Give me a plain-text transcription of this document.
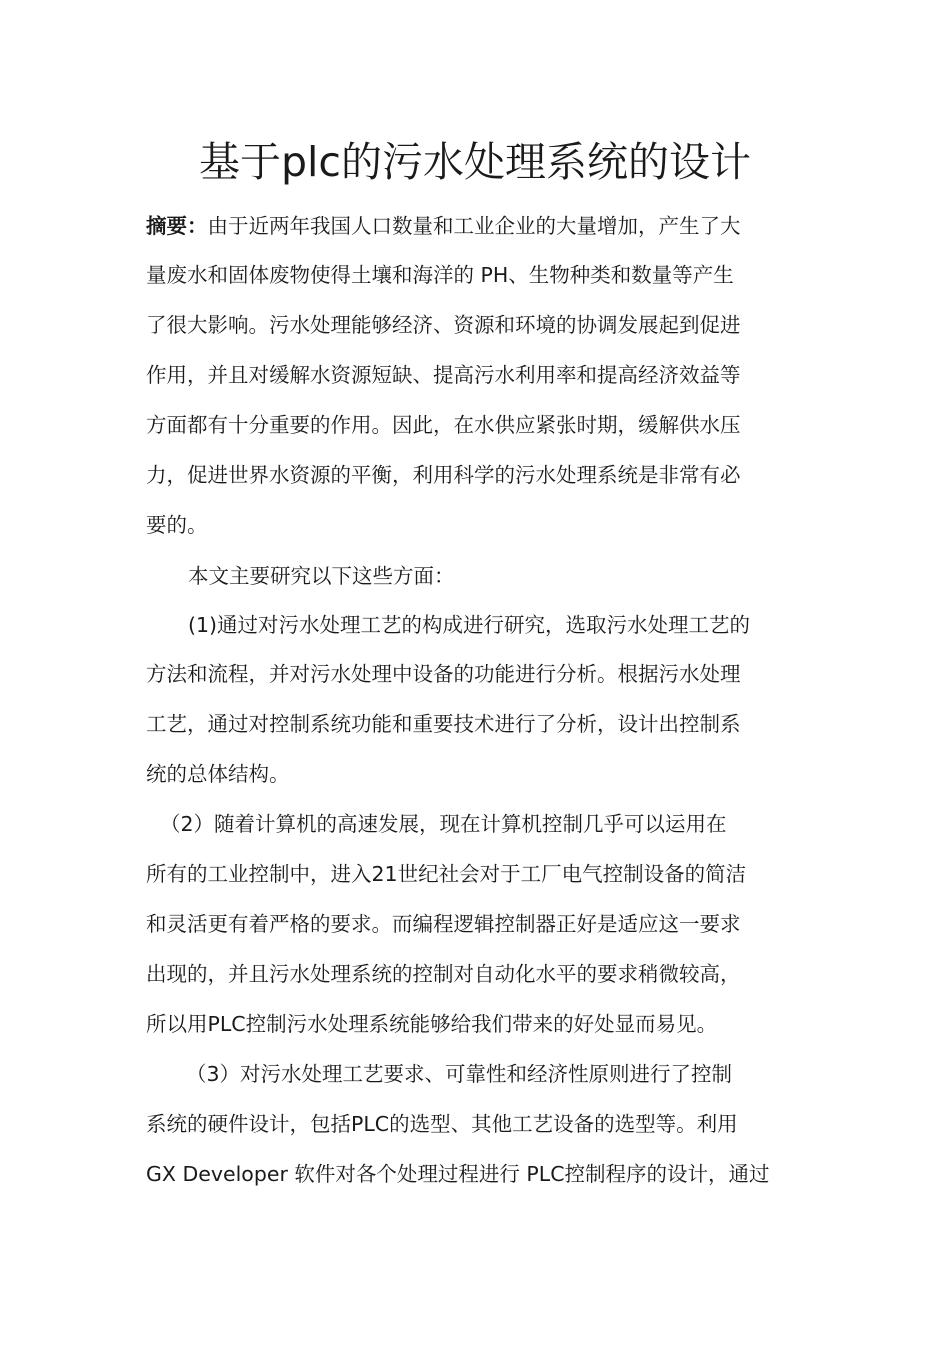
基于plc的污水处理系统的设计

摘要：由于近两年我国人口数量和工业企业的大量增加，产生了大

量废水和固体废物使得土壤和海洋的 PH、生物种类和数量等产生

了很大影响。污水处理能够经济、资源和环境的协调发展起到促进

作用，并且对缓解水资源短缺、提高污水利用率和提高经济效益等

方面都有十分重要的作用。因此，在水供应紧张时期，缓解供水压

力，促进世界水资源的平衡，利用科学的污水处理系统是非常有必

要的。

本文主要研究以下这些方面：

(1)通过对污水处理工艺的构成进行研究，选取污水处理工艺的

方法和流程，并对污水处理中设备的功能进行分析。根据污水处理

工艺，通过对控制系统功能和重要技术进行了分析，设计出控制系

统的总体结构。

（2）随着计算机的高速发展，现在计算机控制几乎可以运用在

所有的工业控制中，进入21世纪社会对于工厂电气控制设备的简洁

和灵活更有着严格的要求。而编程逻辑控制器正好是适应这一要求

出现的，并且污水处理系统的控制对自动化水平的要求稍微较高，

所以用PLC控制污水处理系统能够给我们带来的好处显而易见。

（3）对污水处理工艺要求、可靠性和经济性原则进行了控制

系统的硬件设计，包括PLC的选型、其他工艺设备的选型等。利用

GX Developer 软件对各个处理过程进行 PLC控制程序的设计，通过
